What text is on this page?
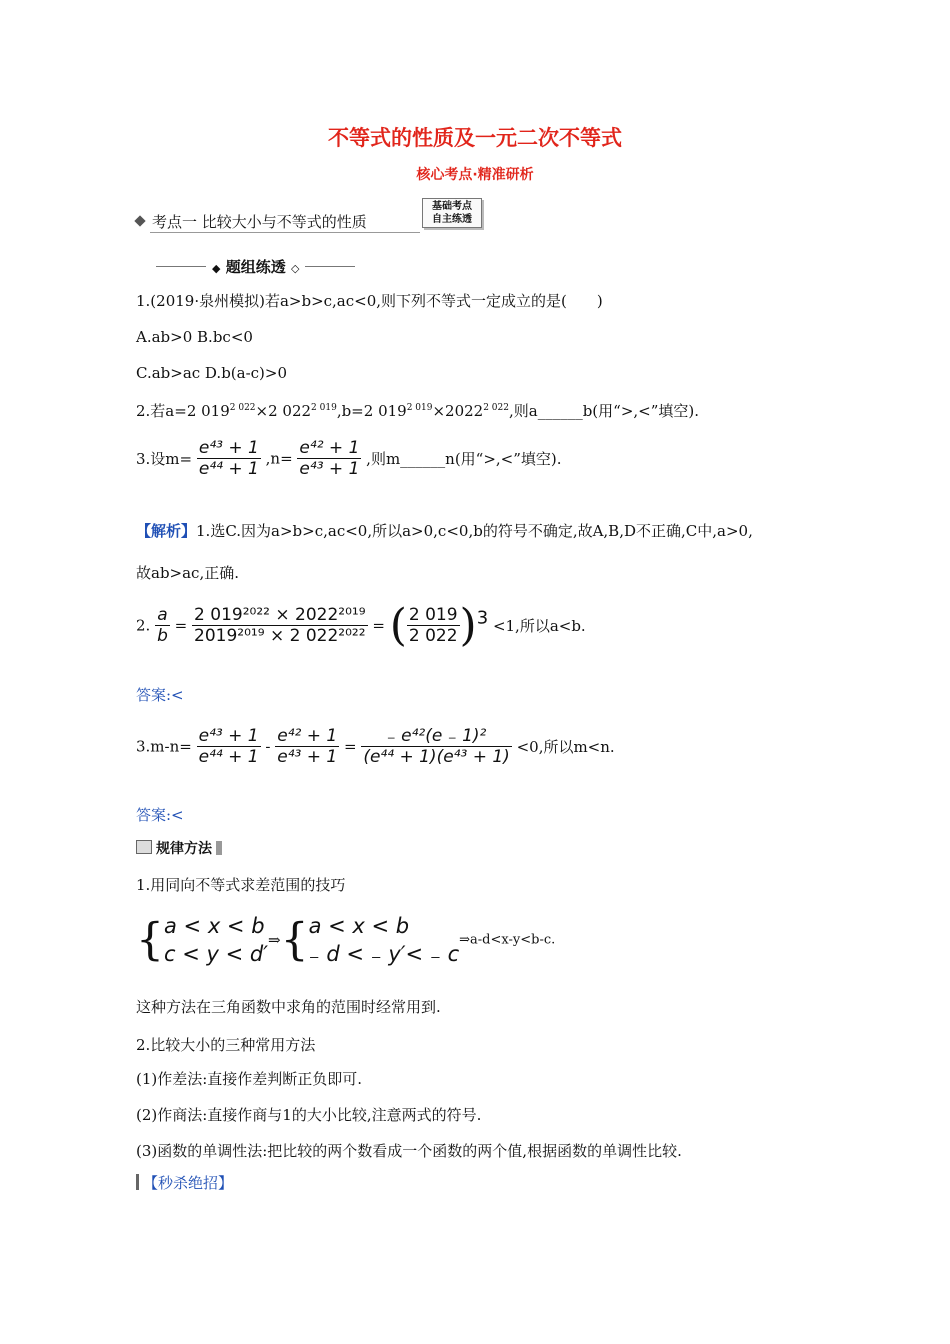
不等式的性质及一元二次不等式
核心考点·精准研析
考点一 比较大小与不等式的性质
基础考点
自主练透
◆ 题组练透 ◇
1.(2019·泉州模拟)若a>b>c,ac<0,则下列不等式一定成立的是(　　)
A.ab>0 B.bc<0
C.ab>ac D.b(a-c)>0
2.若a=2 $019^{2 022}\times 2$ $022^{2 019},b=2$ $019^{2 019}\times 2022^{2 022}$,则a______b(用“>,<”填空).
3.设$m= \frac{\text{e⁴³ + 1}}{\text{e⁴⁴ + 1}} ,n= \frac{\text{e⁴² + 1}}{\text{e⁴³ + 1}}$ ,则m______n(用“>,<”填空).
【解析】1.选C.因为a>b>c,ac<0,所以a>0,c<0,b的符号不确定,故A,B,D不正确,C中,a>0,
故ab>ac,正确.
2. $\frac{a}{b} = \frac{\text{2 019²⁰²² × 2022²⁰¹⁹}}{\text{2019²⁰¹⁹ × 2 022²⁰²²}}$ = ( $\frac{2 019}{2 022} )^3 <1$,所以a<b.
答案:<
$3.m-n= \frac{\text{e⁴³ + 1}}{\text{e⁴⁴ + 1}} - \frac{\text{e⁴² + 1}}{\text{e⁴³ + 1}} = \frac{\text{₋ e⁴²(e ₋ 1)²}}{\text{(e⁴⁴ + 1)(e⁴³ + 1)}} <0$,所以m<n.
答案:<
规律方法
1.用同向不等式求差范围的技巧
{ a < x < b
c < y < d′
⇒{ a < x < b
₋ d < ₋ y′< ₋ c
⇒a-d<x-y<b-c.
这种方法在三角函数中求角的范围时经常用到.
2.比较大小的三种常用方法
(1)作差法:直接作差判断正负即可.
(2)作商法:直接作商与1的大小比较,注意两式的符号.
(3)函数的单调性法:把比较的两个数看成一个函数的两个值,根据函数的单调性比较.
【秒杀绝招】
